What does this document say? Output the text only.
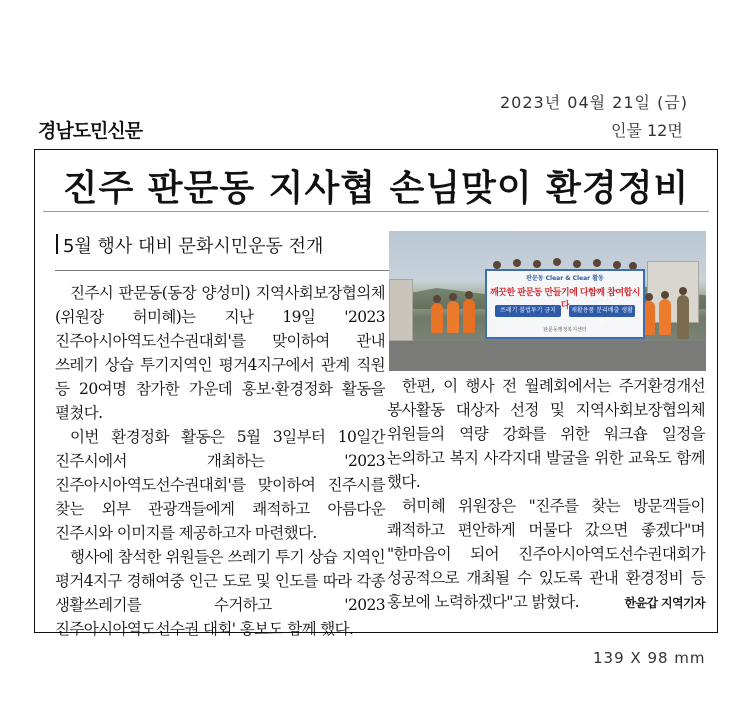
2023년 04월 21일 (금)
경남도민신문	인물 12면
진주 판문동 지사협 손님맞이 환경정비
5월 행사 대비 문화시민운동 전개

진주시 판문동(동장 양성미) 지역사회보장협의체(위원장 허미혜)는 지난 19일 '2023 진주아시아역도선수권대회'를 맞이하여 관내 쓰레기 상습 투기지역인 평거4지구에서 관계 직원 등 20여명 참가한 가운데 홍보·환경정화 활동을 펼쳤다.

이번 환경정화 활동은 5월 3일부터 10일간 진주시에서 개최하는 '2023 진주아시아역도선수권대회'를 맞이하여 진주시를 찾는 외부 관광객들에게 쾌적하고 아름다운 진주시와 이미지를 제공하고자 마련했다.

행사에 참석한 위원들은 쓰레기 투기 상습 지역인 평거4지구 경해여중 인근 도로 및 인도를 따라 각종 생활쓰레기를 수거하고 '2023 진주아시아역도선수권 대회' 홍보도 함께 했다.

판문동 Clear & Clear 활동
깨끗한 판문동 만들기에 다함께 참여합시다
쓰레기 불법투기 금지	재활용품 분리배출 생활화
판문동행정복지센터

한편, 이 행사 전 월례회에서는 주거환경개선 봉사활동 대상자 선정 및 지역사회보장협의체 위원들의 역량 강화를 위한 워크숍 일정을 논의하고 복지 사각지대 발굴을 위한 교육도 함께 했다.

허미혜 위원장은 "진주를 찾는 방문객들이 쾌적하고 편안하게 머물다 갔으면 좋겠다"며 "한마음이 되어 진주아시아역도선수권대회가 성공적으로 개최될 수 있도록 관내 환경정비 등 홍보에 노력하겠다"고 밝혔다.	한윤갑 지역기자

139 X 98 mm
